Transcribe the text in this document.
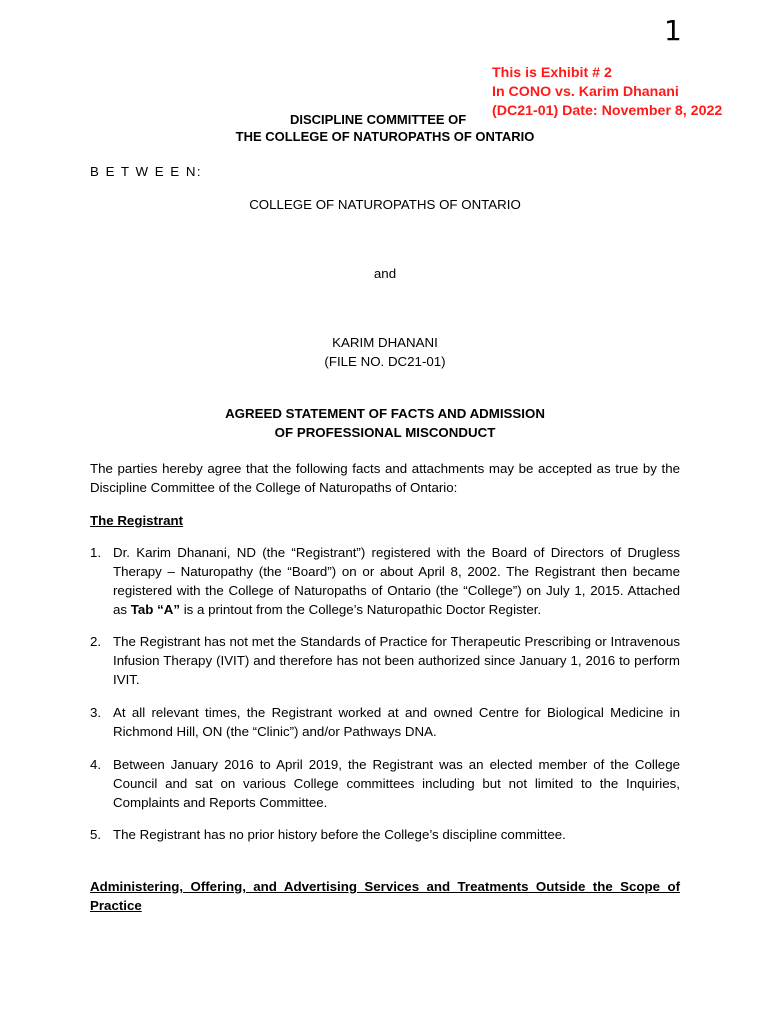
1
This is Exhibit # 2
In CONO vs. Karim Dhanani
(DC21-01) Date: November 8, 2022
DISCIPLINE COMMITTEE OF
THE COLLEGE OF NATUROPATHS OF ONTARIO
B E T W E E N:
COLLEGE OF NATUROPATHS OF ONTARIO
and
KARIM DHANANI
(FILE NO. DC21-01)
AGREED STATEMENT OF FACTS AND ADMISSION
OF PROFESSIONAL MISCONDUCT
The parties hereby agree that the following facts and attachments may be accepted as true by the Discipline Committee of the College of Naturopaths of Ontario:
The Registrant
1. Dr. Karim Dhanani, ND (the “Registrant”) registered with the Board of Directors of Drugless Therapy – Naturopathy (the “Board”) on or about April 8, 2002. The Registrant then became registered with the College of Naturopaths of Ontario (the “College”) on July 1, 2015. Attached as Tab “A” is a printout from the College’s Naturopathic Doctor Register.
2. The Registrant has not met the Standards of Practice for Therapeutic Prescribing or Intravenous Infusion Therapy (IVIT) and therefore has not been authorized since January 1, 2016 to perform IVIT.
3. At all relevant times, the Registrant worked at and owned Centre for Biological Medicine in Richmond Hill, ON (the “Clinic”) and/or Pathways DNA.
4. Between January 2016 to April 2019, the Registrant was an elected member of the College Council and sat on various College committees including but not limited to the Inquiries, Complaints and Reports Committee.
5. The Registrant has no prior history before the College’s discipline committee.
Administering, Offering, and Advertising Services and Treatments Outside the Scope of Practice
